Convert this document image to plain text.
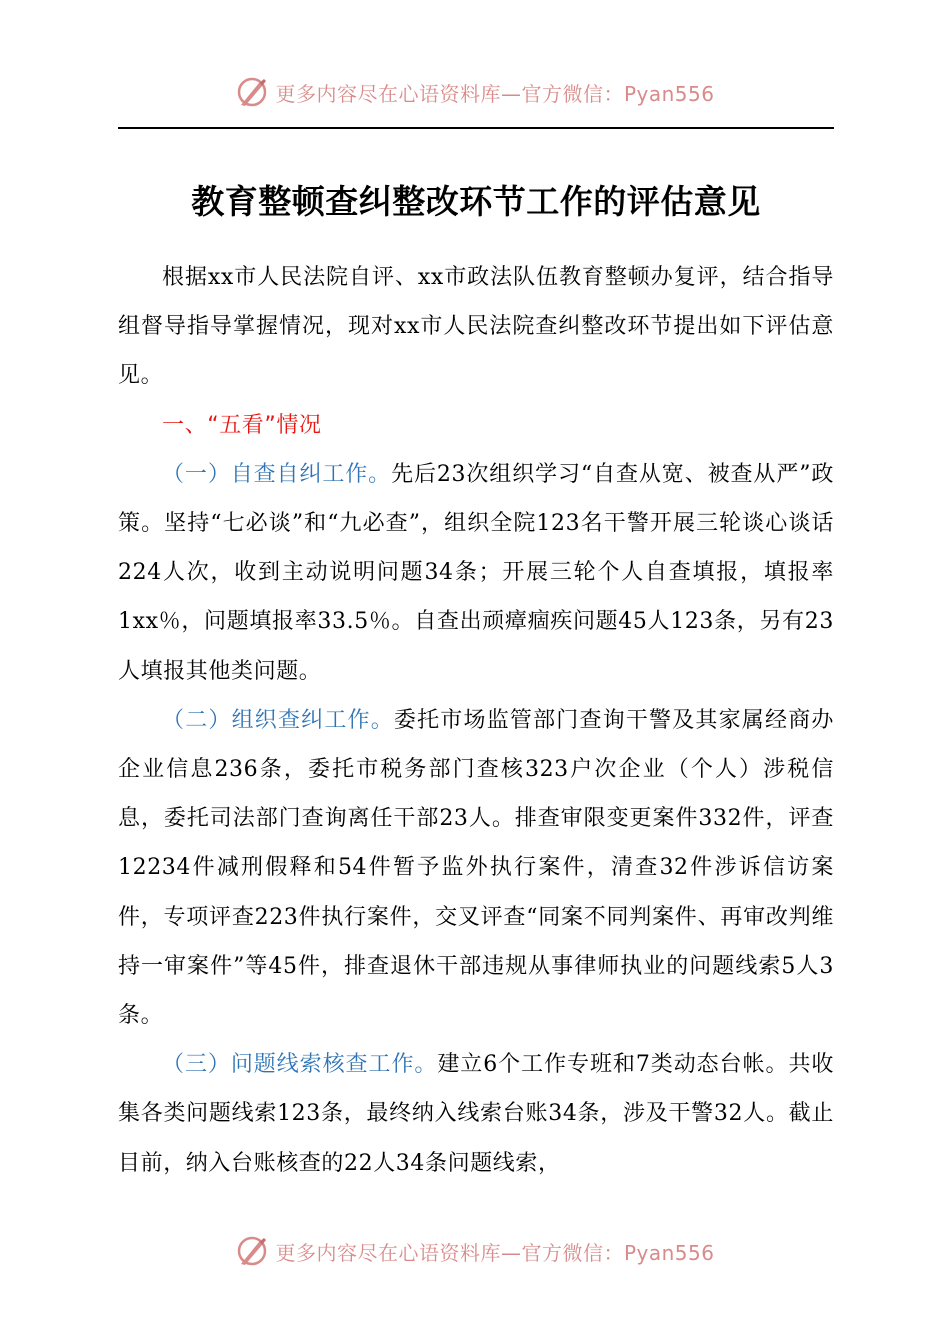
更多内容尽在心语资料库—官方微信：Pyan556
教育整顿查纠整改环节工作的评估意见

根据xx市人民法院自评、xx市政法队伍教育整顿办复评，结合指导组督导指导掌握情况，现对xx市人民法院查纠整改环节提出如下评估意见。

一、“五看”情况

（一）自查自纠工作。先后23次组织学习“自查从宽、被查从严”政策。坚持“七必谈”和“九必查”，组织全院123名干警开展三轮谈心谈话224人次，收到主动说明问题34条；开展三轮个人自查填报，填报率1xx％，问题填报率33.5％。自查出顽瘴痼疾问题45人123条，另有23人填报其他类问题。

（二）组织查纠工作。委托市场监管部门查询干警及其家属经商办企业信息236条，委托市税务部门查核323户次企业（个人）涉税信息，委托司法部门查询离任干部23人。排查审限变更案件332件，评查12234件减刑假释和54件暂予监外执行案件，清查32件涉诉信访案件，专项评查223件执行案件，交叉评查“同案不同判案件、再审改判维持一审案件”等45件，排查退休干部违规从事律师执业的问题线索5人3条。

（三）问题线索核查工作。建立6个工作专班和7类动态台帐。共收集各类问题线索123条，最终纳入线索台账34条，涉及干警32人。截止目前，纳入台账核查的22人34条问题线索，

更多内容尽在心语资料库—官方微信：Pyan556
